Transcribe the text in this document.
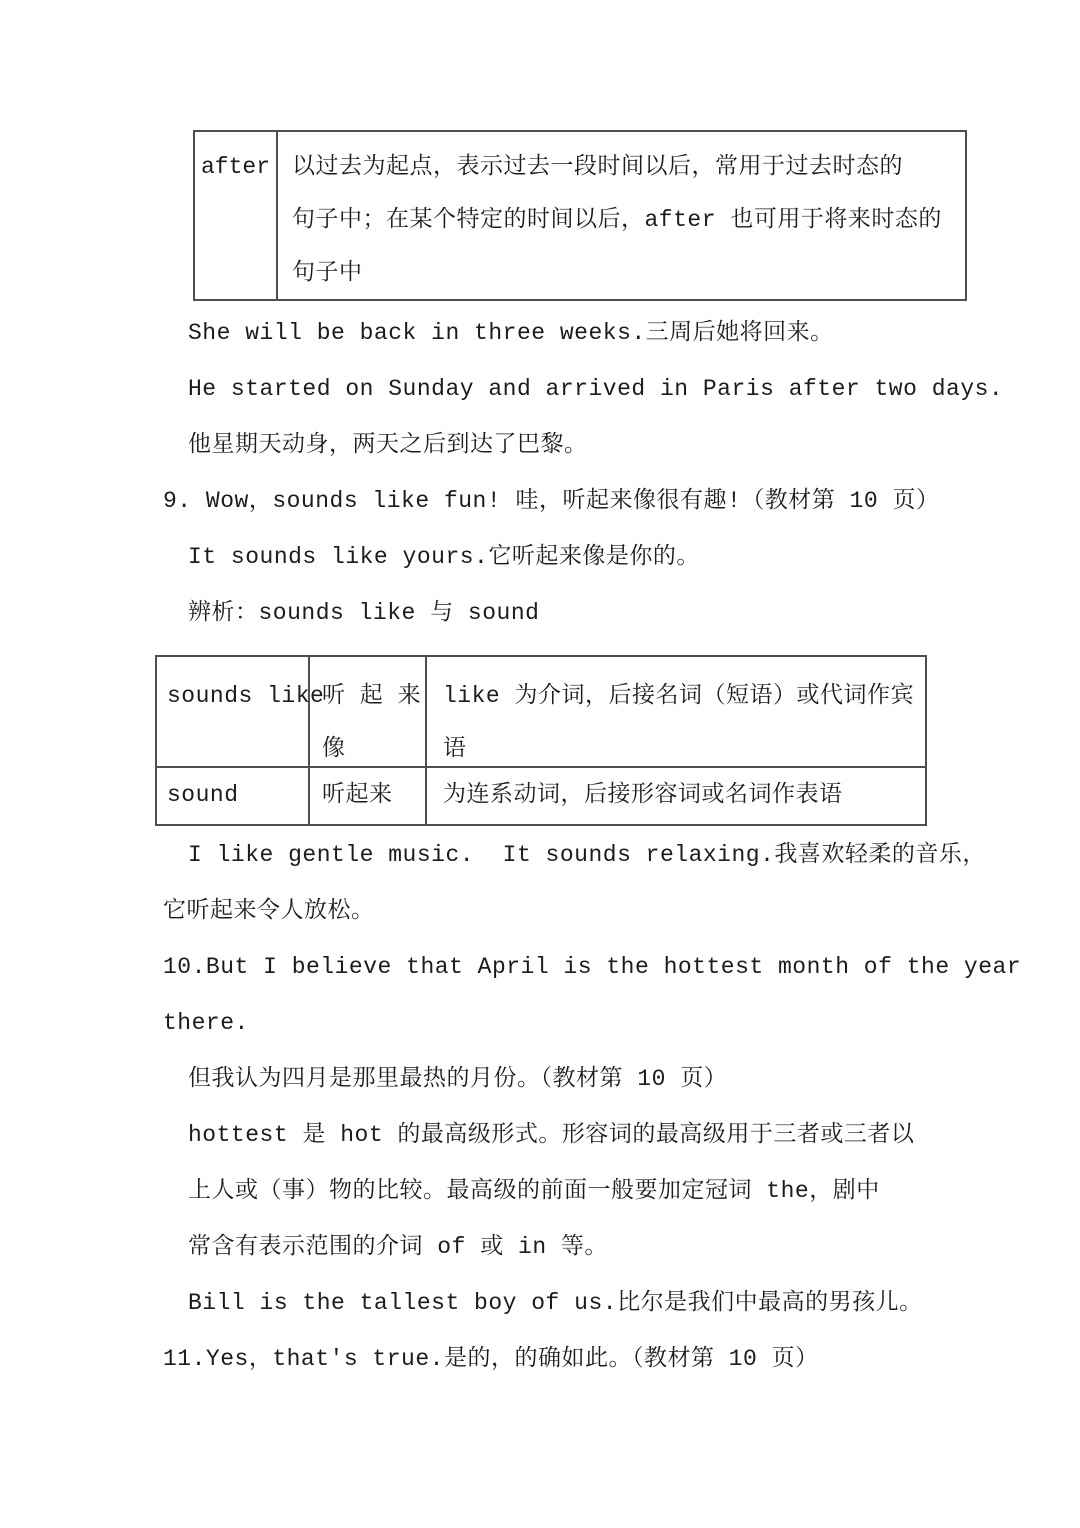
after 以过去为起点，表示过去一段时间以后，常用于过去时态的
句子中；在某个特定的时间以后，after 也可用于将来时态的
句子中
She will be back in three weeks.三周后她将回来。
He started on Sunday and arrived in Paris after two days.
他星期天动身，两天之后到达了巴黎。
9. Wow，sounds like fun! 哇，听起来像很有趣!（教材第 10 页）
It sounds like yours.它听起来像是你的。
辨析：sounds like 与 sound
sounds like
听 起 来
像
like 为介词，后接名词（短语）或代词作宾
语
sound	听起来	为连系动词，后接形容词或名词作表语
I like gentle music.  It sounds relaxing.我喜欢轻柔的音乐，
它听起来令人放松。
10.But I believe that April is the hottest month of the year
there.
但我认为四月是那里最热的月份。（教材第 10 页）
hottest 是 hot 的最高级形式。形容词的最高级用于三者或三者以
上人或（事）物的比较。最高级的前面一般要加定冠词 the，剧中
常含有表示范围的介词 of 或 in 等。
Bill is the tallest boy of us.比尔是我们中最高的男孩儿。
11.Yes，that's true.是的，的确如此。（教材第 10 页）
